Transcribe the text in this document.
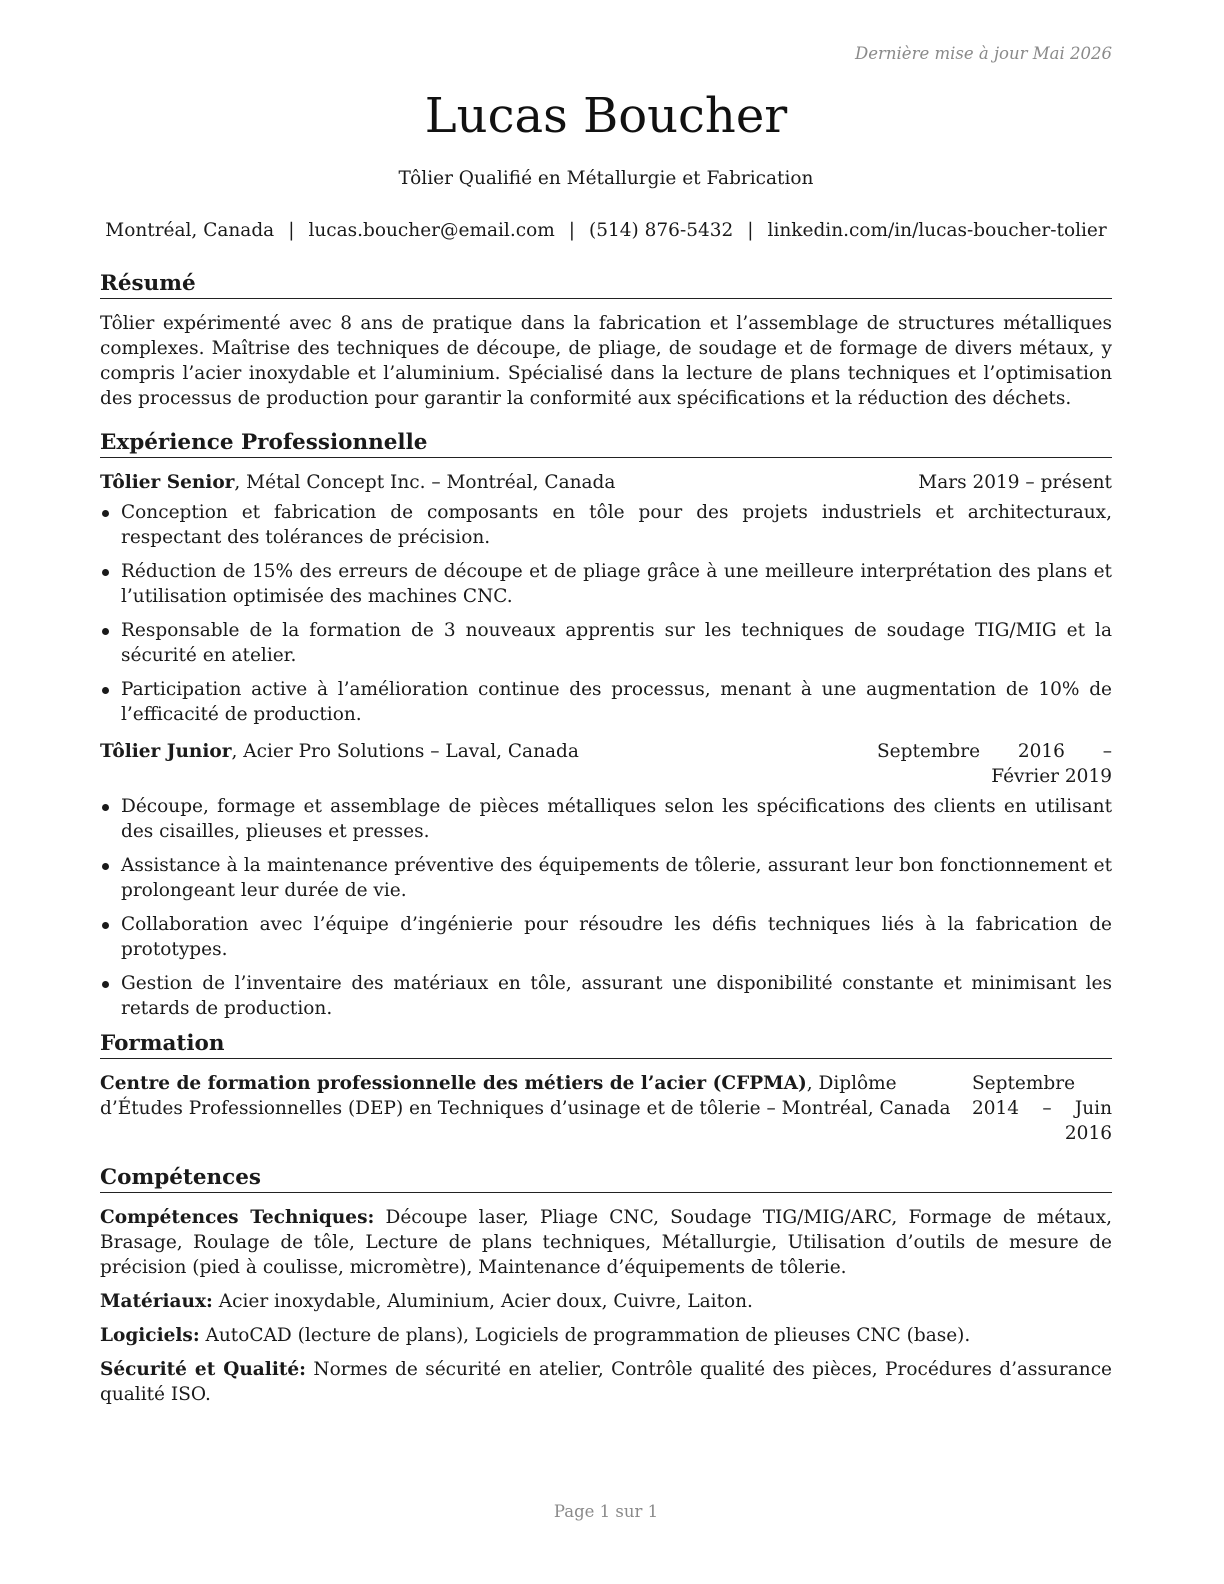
Dernière mise à jour Mai 2026
Lucas Boucher
Tôlier Qualifié en Métallurgie et Fabrication
Montréal, Canada | lucas.boucher@email.com | (514) 876-5432 | linkedin.com/in/lucas-boucher-tolier
Résumé

Tôlier expérimenté avec 8 ans de pratique dans la fabrication et l’assemblage de structures métalliques complexes. Maîtrise des techniques de découpe, de pliage, de soudage et de formage de divers métaux, y compris l’acier inoxydable et l’aluminium. Spécialisé dans la lecture de plans techniques et l’optimisation des processus de production pour garantir la conformité aux spécifications et la réduction des déchets.

Expérience Professionnelle
Tôlier Senior, Métal Concept Inc. – Montréal, Canada	Mars 2019 – présent
Conception et fabrication de composants en tôle pour des projets industriels et architecturaux, respectant des tolérances de précision.
Réduction de 15% des erreurs de découpe et de pliage grâce à une meilleure interprétation des plans et l’utilisation optimisée des machines CNC.
Responsable de la formation de 3 nouveaux apprentis sur les techniques de soudage TIG/MIG et la sécurité en atelier.
Participation active à l’amélioration continue des processus, menant à une augmentation de 10% de l’efficacité de production.
Tôlier Junior, Acier Pro Solutions – Laval, Canada	Septembre 2016 – Février 2019
Découpe, formage et assemblage de pièces métalliques selon les spécifications des clients en utilisant des cisailles, plieuses et presses.
Assistance à la maintenance préventive des équipements de tôlerie, assurant leur bon fonctionnement et prolongeant leur durée de vie.
Collaboration avec l’équipe d’ingénierie pour résoudre les défis techniques liés à la fabrication de prototypes.
Gestion de l’inventaire des matériaux en tôle, assurant une disponibilité constante et minimisant les retards de production.
Formation
Centre de formation professionnelle des métiers de l’acier (CFPMA), Diplôme d’Études Professionnelles (DEP) en Techniques d’usinage et de tôlerie – Montréal, Canada
Septembre 2014 – Juin 2016
Compétences
Compétences Techniques: Découpe laser, Pliage CNC, Soudage TIG/MIG/ARC, Formage de métaux, Brasage, Roulage de tôle, Lecture de plans techniques, Métallurgie, Utilisation d’outils de mesure de précision (pied à coulisse, micromètre), Maintenance d’équipements de tôlerie.
Matériaux: Acier inoxydable, Aluminium, Acier doux, Cuivre, Laiton.
Logiciels: AutoCAD (lecture de plans), Logiciels de programmation de plieuses CNC (base).
Sécurité et Qualité: Normes de sécurité en atelier, Contrôle qualité des pièces, Procédures d’assurance qualité ISO.
Page 1 sur 1
